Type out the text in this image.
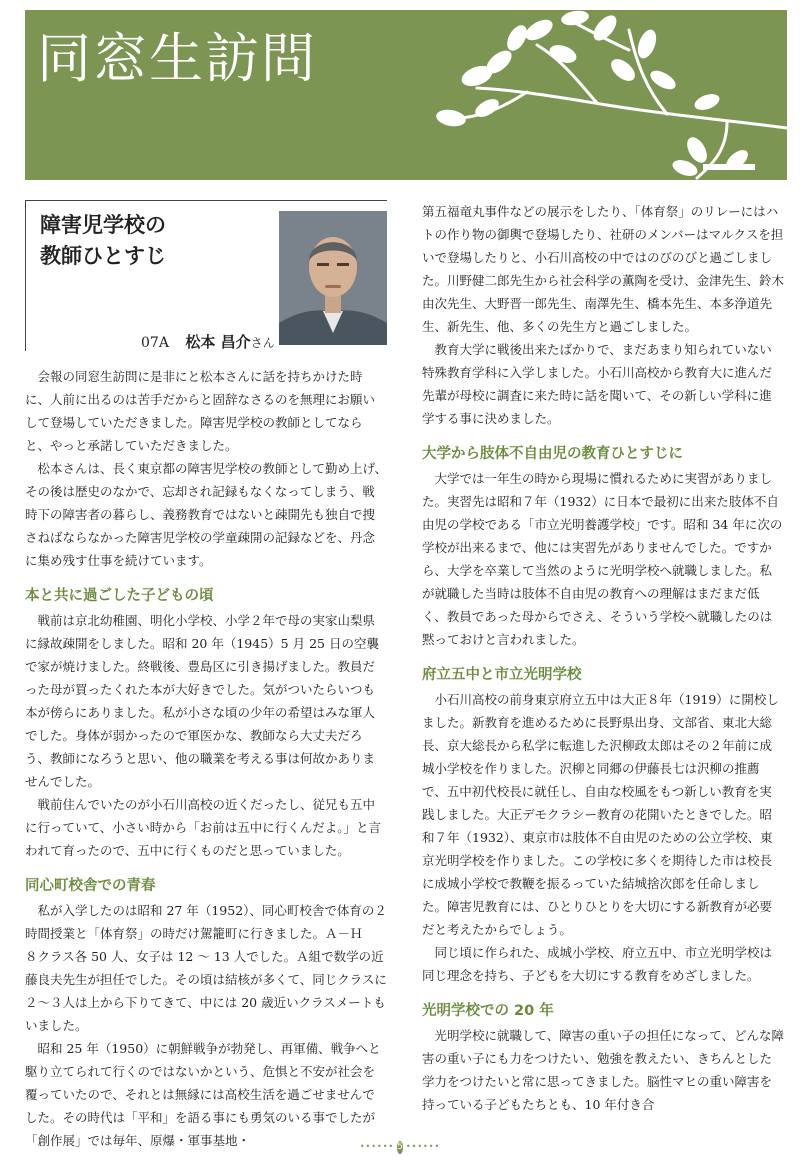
同窓生訪問
障害児学校の
教師ひとすじ
07A 松本 昌介さん

会報の同窓生訪問に是非にと松本さんに話を持ちかけた時に、人前に出るのは苦手だからと固辞なさるのを無理にお願いして登場していただきました。障害児学校の教師としてならと、やっと承諾していただきました。

松本さんは、長く東京都の障害児学校の教師として勤め上げ、その後は歴史のなかで、忘却され記録もなくなってしまう、戦時下の障害者の暮らし、義務教育ではないと疎開先も独自で捜さねばならなかった障害児学校の学童疎開の記録などを、丹念に集め残す仕事を続けています。

本と共に過ごした子どもの頃

戦前は京北幼稚園、明化小学校、小学２年で母の実家山梨県に縁故疎開をしました。昭和 20 年（1945）5 月 25 日の空襲で家が焼けました。終戦後、豊島区に引き揚げました。教員だった母が買ったくれた本が大好きでした。気がついたらいつも本が傍らにありました。私が小さな頃の少年の希望はみな軍人でした。身体が弱かったので軍医かな、教師なら大丈夫だろう、教師になろうと思い、他の職業を考える事は何故かありませんでした。

戦前住んでいたのが小石川高校の近くだったし、従兄も五中に行っていて、小さい時から「お前は五中に行くんだよ。」と言われて育ったので、五中に行くものだと思っていました。

同心町校舎での青春

私が入学したのは昭和 27 年（1952）、同心町校舎で体育の２時間授業と「体育祭」の時だけ駕籠町に行きました。Ａ－Ｈ　８クラス各 50 人、女子は 12 ～ 13 人でした。Ａ組で数学の近藤良夫先生が担任でした。その頃は結核が多くて、同じクラスに２～３人は上から下りてきて、中には 20 歳近いクラスメートもいました。

昭和 25 年（1950）に朝鮮戦争が勃発し、再軍備、戦争へと駆り立てられて行くのではないかという、危惧と不安が社会を覆っていたので、それとは無縁には高校生活を過ごせませんでした。その時代は「平和」を語る事にも勇気のいる事でしたが「創作展」では毎年、原爆・軍事基地・

第五福竜丸事件などの展示をしたり、「体育祭」のリレーにはハトの作り物の御輿で登場したり、社研のメンバーはマルクスを担いで登場したりと、小石川高校の中ではのびのびと過ごしました。川野健二郎先生から社会科学の薫陶を受け、金津先生、鈴木由次先生、大野晋一郎先生、南澤先生、橋本先生、本多浄道先生、新先生、他、多くの先生方と過ごしました。

教育大学に戦後出来たばかりで、まだあまり知られていない特殊教育学科に入学しました。小石川高校から教育大に進んだ先輩が母校に調査に来た時に話を聞いて、その新しい学科に進学する事に決めました。

大学から肢体不自由児の教育ひとすじに

大学では一年生の時から現場に慣れるために実習がありました。実習先は昭和７年（1932）に日本で最初に出来た肢体不自由児の学校である「市立光明養護学校」です。昭和 34 年に次の学校が出来るまで、他には実習先がありませんでした。ですから、大学を卒業して当然のように光明学校へ就職しました。私が就職した当時は肢体不自由児の教育への理解はまだまだ低く、教員であった母からでさえ、そういう学校へ就職したのは黙っておけと言われました。

府立五中と市立光明学校

小石川高校の前身東京府立五中は大正８年（1919）に開校しました。新教育を進めるために長野県出身、文部省、東北大総長、京大総長から私学に転進した沢柳政太郎はその２年前に成城小学校を作りました。沢柳と同郷の伊藤長七は沢柳の推薦で、五中初代校長に就任し、自由な校風をもつ新しい教育を実践しました。大正デモクラシー教育の花開いたときでした。昭和７年（1932）、東京市は肢体不自由児のための公立学校、東京光明学校を作りました。この学校に多くを期待した市は校長に成城小学校で教鞭を振るっていた結城捨次郎を任命しました。障害児教育には、ひとりひとりを大切にする新教育が必要だと考えたからでしょう。

同じ頃に作られた、成城小学校、府立五中、市立光明学校は同じ理念を持ち、子どもを大切にする教育をめざしました。

光明学校での 20 年

光明学校に就職して、障害の重い子の担任になって、どんな障害の重い子にも力をつけたい、勉強を教えたい、きちんとした学力をつけたいと常に思ってきました。脳性マヒの重い障害を持っている子どもたちとも、10 年付き合

•••••• 5 ••••••
